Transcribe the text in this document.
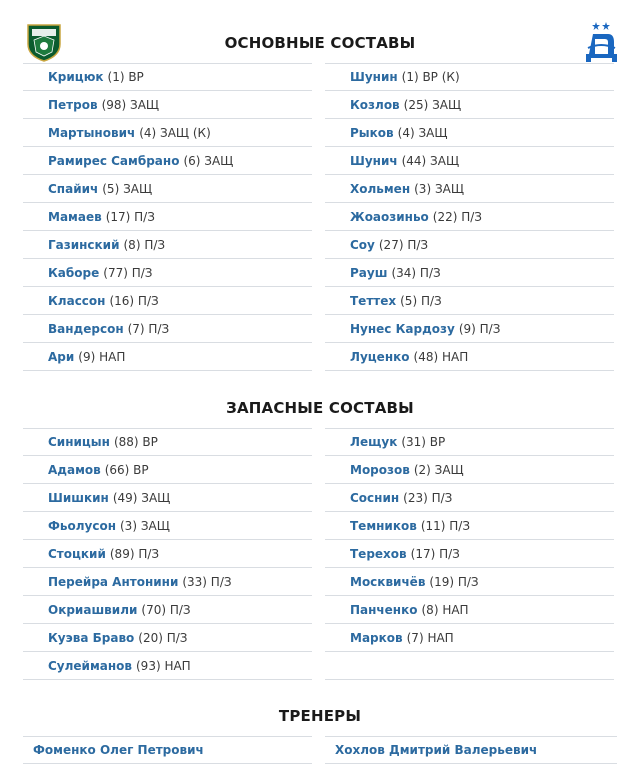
ОСНОВНЫЕ СОСТАВЫ
Крицюк (1) ВР
Петров (98) ЗАЩ
Мартынович (4) ЗАЩ (К)
Рамирес Самбрано (6) ЗАЩ
Спайич (5) ЗАЩ
Мамаев (17) П/З
Газинский (8) П/З
Каборе (77) П/З
Классон (16) П/З
Вандерсон (7) П/З
Ари (9) НАП
Шунин (1) ВР (К)
Козлов (25) ЗАЩ
Рыков (4) ЗАЩ
Шунич (44) ЗАЩ
Хольмен (3) ЗАЩ
Жоаозиньо (22) П/З
Соу (27) П/З
Рауш (34) П/З
Теттех (5) П/З
Нунес Кардозу (9) П/З
Луценко (48) НАП
ЗАПАСНЫЕ СОСТАВЫ
Синицын (88) ВР
Адамов (66) ВР
Шишкин (49) ЗАЩ
Фьолусон (3) ЗАЩ
Стоцкий (89) П/З
Перейра Антонини (33) П/З
Окриашвили (70) П/З
Куэва Браво (20) П/З
Сулейманов (93) НАП
Лещук (31) ВР
Морозов (2) ЗАЩ
Соснин (23) П/З
Темников (11) П/З
Терехов (17) П/З
Москвичёв (19) П/З
Панченко (8) НАП
Марков (7) НАП
ТРЕНЕРЫ
Фоменко Олег Петрович	Хохлов Дмитрий Валерьевич
